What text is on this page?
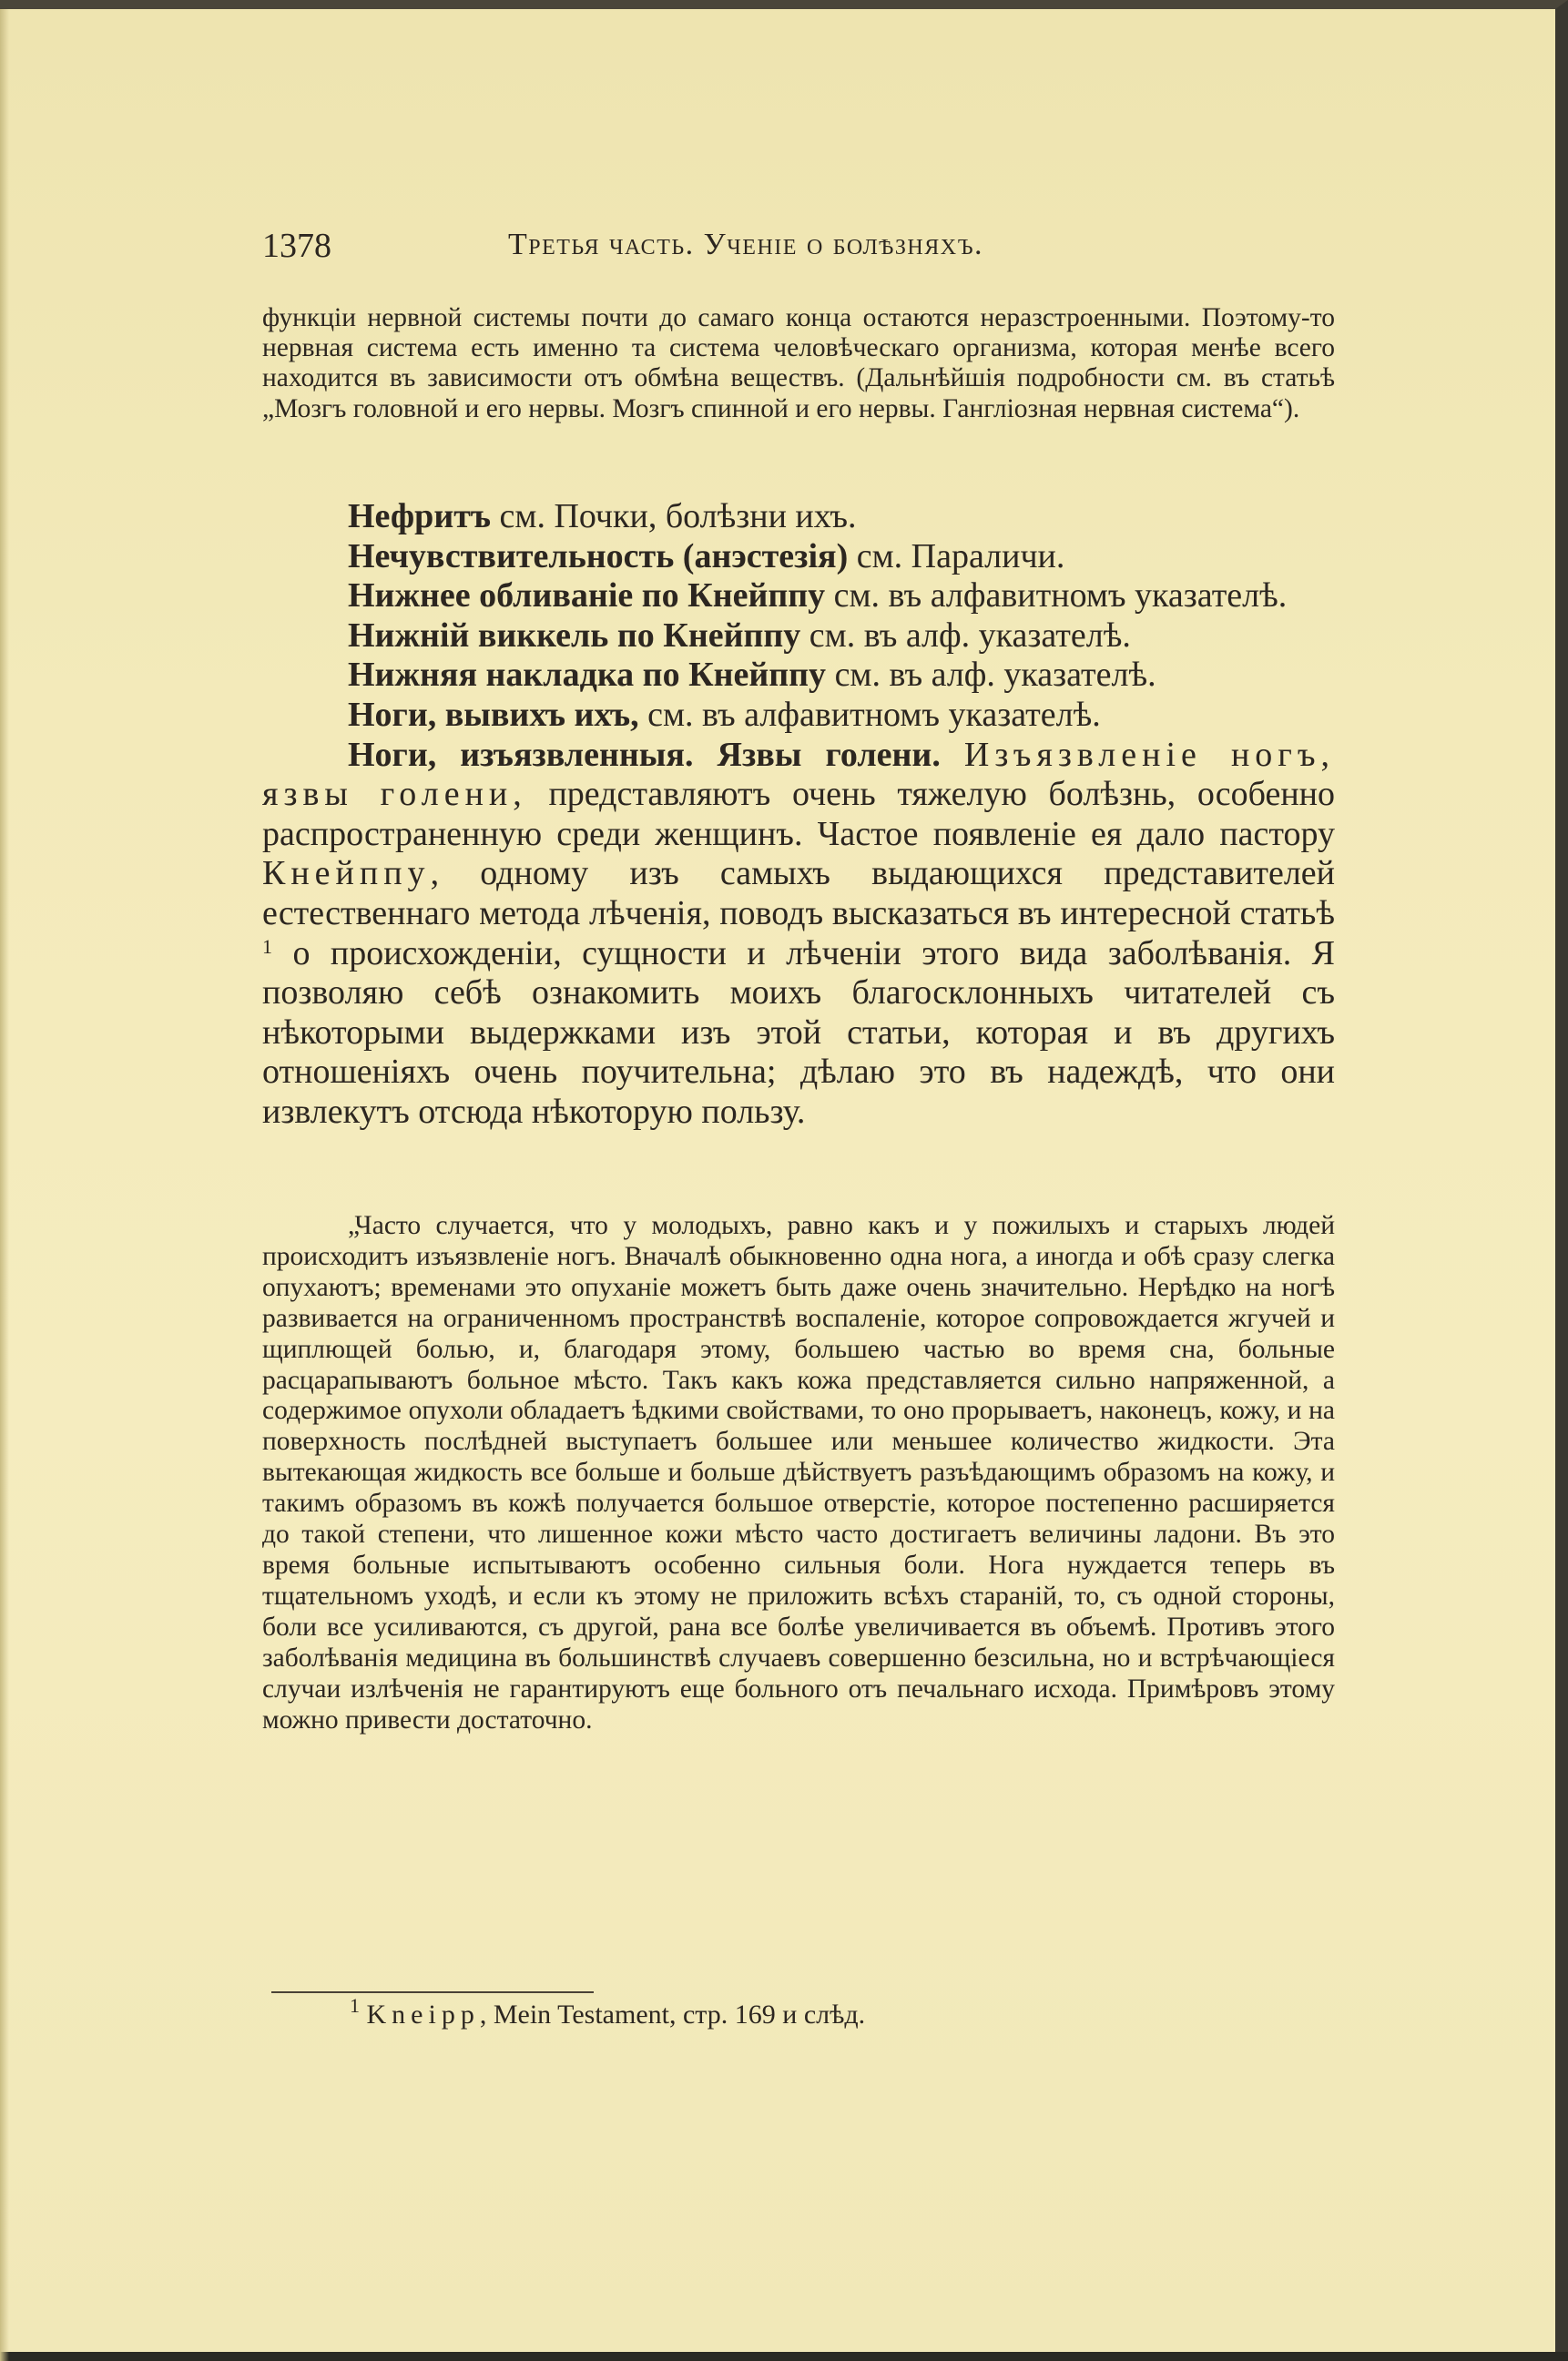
1378	Третья часть. Ученіе о болѣзняхъ.

функціи нервной системы почти до самаго конца остаются неразстроенными. Поэтому-то нервная система есть именно та система человѣческаго организма, которая менѣе всего находится въ зависимости отъ обмѣна веществъ. (Дальнѣйшія подробности см. въ статьѣ „Мозгъ головной и его нервы. Мозгъ спинной и его нервы. Гангліозная нервная система“).

Нефритъ см. Почки, болѣзни ихъ.

Нечувствительность (анэстезія) см. Параличи.

Нижнее обливаніе по Кнейппу см. въ алфавитномъ указателѣ.

Нижній виккель по Кнейппу см. въ алф. указателѣ.

Нижняя накладка по Кнейппу см. въ алф. указателѣ.

Ноги, вывихъ ихъ, см. въ алфавитномъ указателѣ.

Ноги, изъязвленныя. Язвы голени. Изъязвленіе ногъ, язвы голени, представляютъ очень тяжелую болѣзнь, особенно распространенную среди женщинъ. Частое появленіе ея дало пастору Кнейппу, одному изъ самыхъ выдающихся представителей естественнаго метода лѣченія, поводъ высказаться въ интересной статьѣ $^1$ о происхожденіи, сущности и лѣченіи этого вида заболѣванія. Я позволяю себѣ ознакомить моихъ благосклонныхъ читателей съ нѣкоторыми выдержками изъ этой статьи, которая и въ другихъ отношеніяхъ очень поучительна; дѣлаю это въ надеждѣ, что они извлекутъ отсюда нѣкоторую пользу.

„Часто случается, что у молодыхъ, равно какъ и у пожилыхъ и старыхъ людей происходитъ изъязвленіе ногъ. Вначалѣ обыкновенно одна нога, а иногда и обѣ сразу слегка опухаютъ; временами это опуханіе можетъ быть даже очень значительно. Нерѣдко на ногѣ развивается на ограниченномъ пространствѣ воспаленіе, которое сопровождается жгучей и щиплющей болью, и, благодаря этому, большею частью во время сна, больные расцарапываютъ больное мѣсто. Такъ какъ кожа представляется сильно напряженной, а содержимое опухоли обладаетъ ѣдкими свойствами, то оно прорываетъ, наконецъ, кожу, и на поверхность послѣдней выступаетъ большее или меньшее количество жидкости. Эта вытекающая жидкость все больше и больше дѣйствуетъ разъѣдающимъ образомъ на кожу, и такимъ образомъ въ кожѣ получается большое отверстіе, которое постепенно расширяется до такой степени, что лишенное кожи мѣсто часто достигаетъ величины ладони. Въ это время больные испытываютъ особенно сильныя боли. Нога нуждается теперь въ тщательномъ уходѣ, и если къ этому не приложить всѣхъ стараній, то, съ одной стороны, боли все усиливаются, съ другой, рана все болѣе увеличивается въ объемѣ. Противъ этого заболѣванія медицина въ большинствѣ случаевъ совершенно безсильна, но и встрѣчающіеся случаи излѣченія не гарантируютъ еще больного отъ печальнаго исхода. Примѣровъ этому можно привести достаточно.

$^1$ Kneipp, Mein Testament, стр. 169 и слѣд.
